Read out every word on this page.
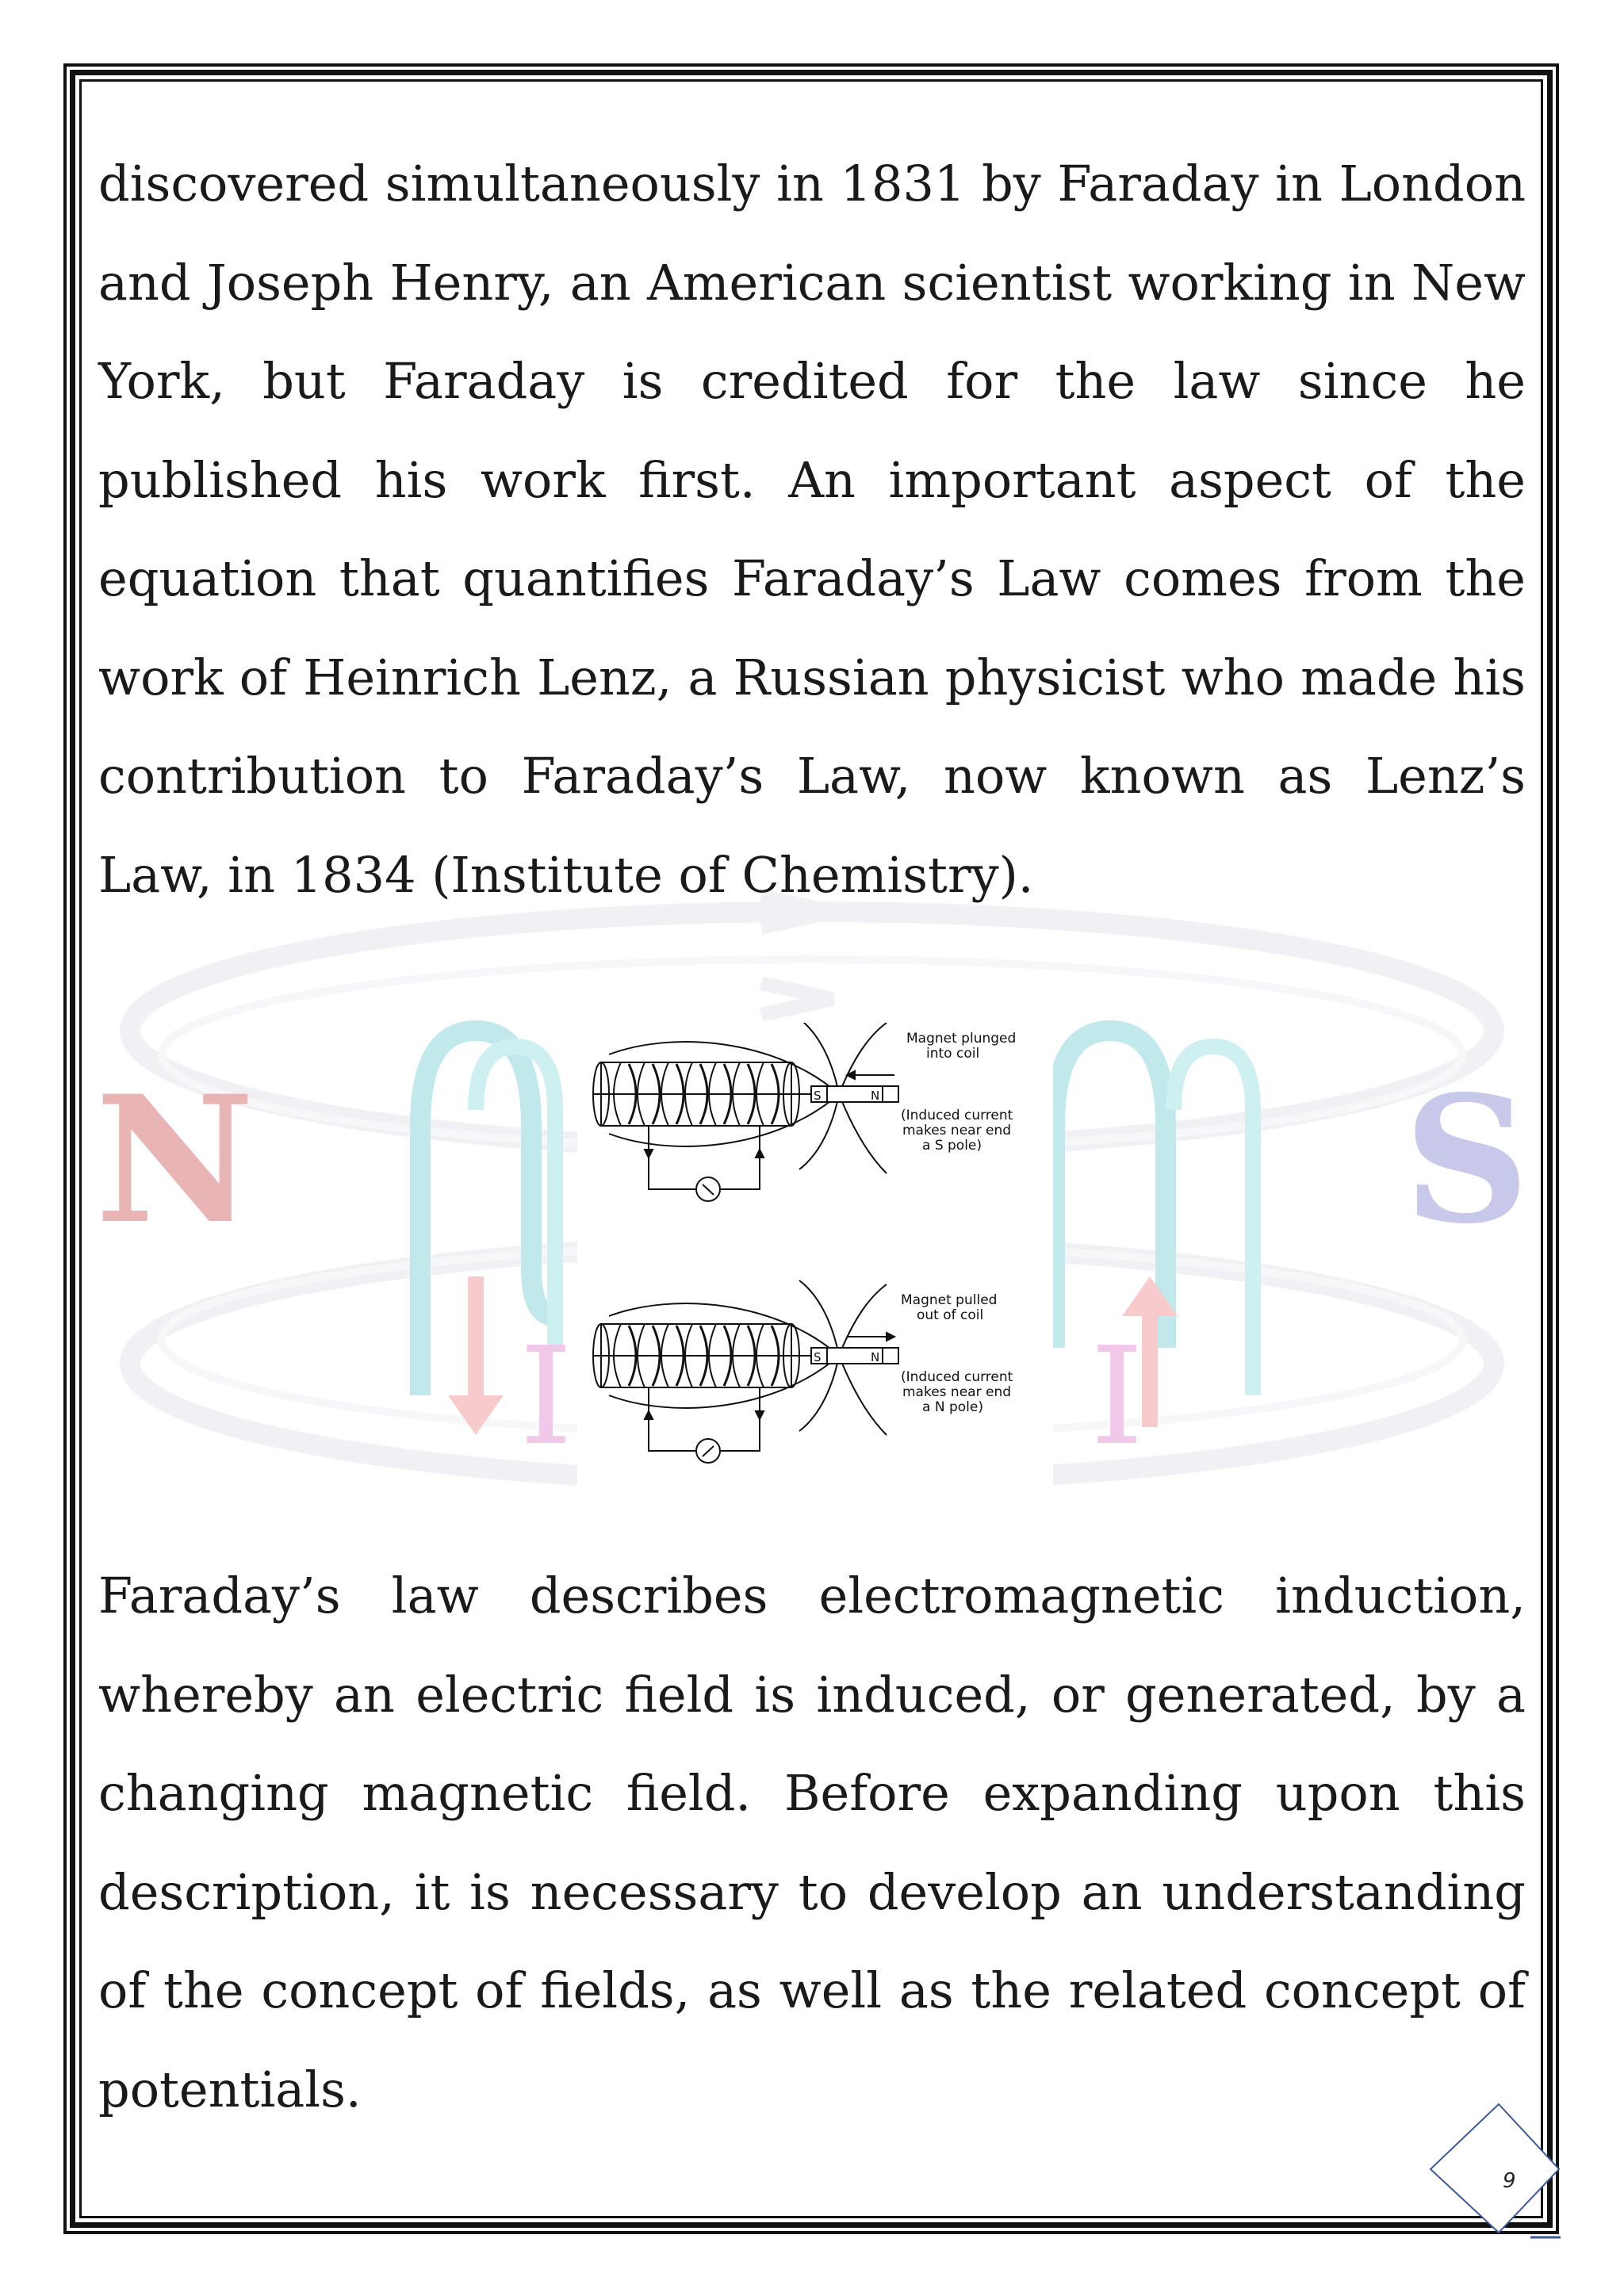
N	S
I	I

discovered simultaneously in 1831 by Faraday in London and Joseph Henry, an American scientist working in New York, but Faraday is credited for the law since he published his work first. An important aspect of the equation that quantifies Faraday’s Law comes from the work of Heinrich Lenz, a Russian physicist who made his contribution to Faraday’s Law, now known as Lenz’s Law, in 1834 (Institute of Chemistry).

Magnet plunged
into coil
S	N
(Induced current
makes near end
a S pole)
Magnet pulled
out of coil
S	N
(Induced current
makes near end
a N pole)

Faraday’s law describes electromagnetic induction, whereby an electric field is induced, or generated, by a changing magnetic field. Before expanding upon this description, it is necessary to develop an understanding of the concept of fields, as well as the related concept of potentials.

9
